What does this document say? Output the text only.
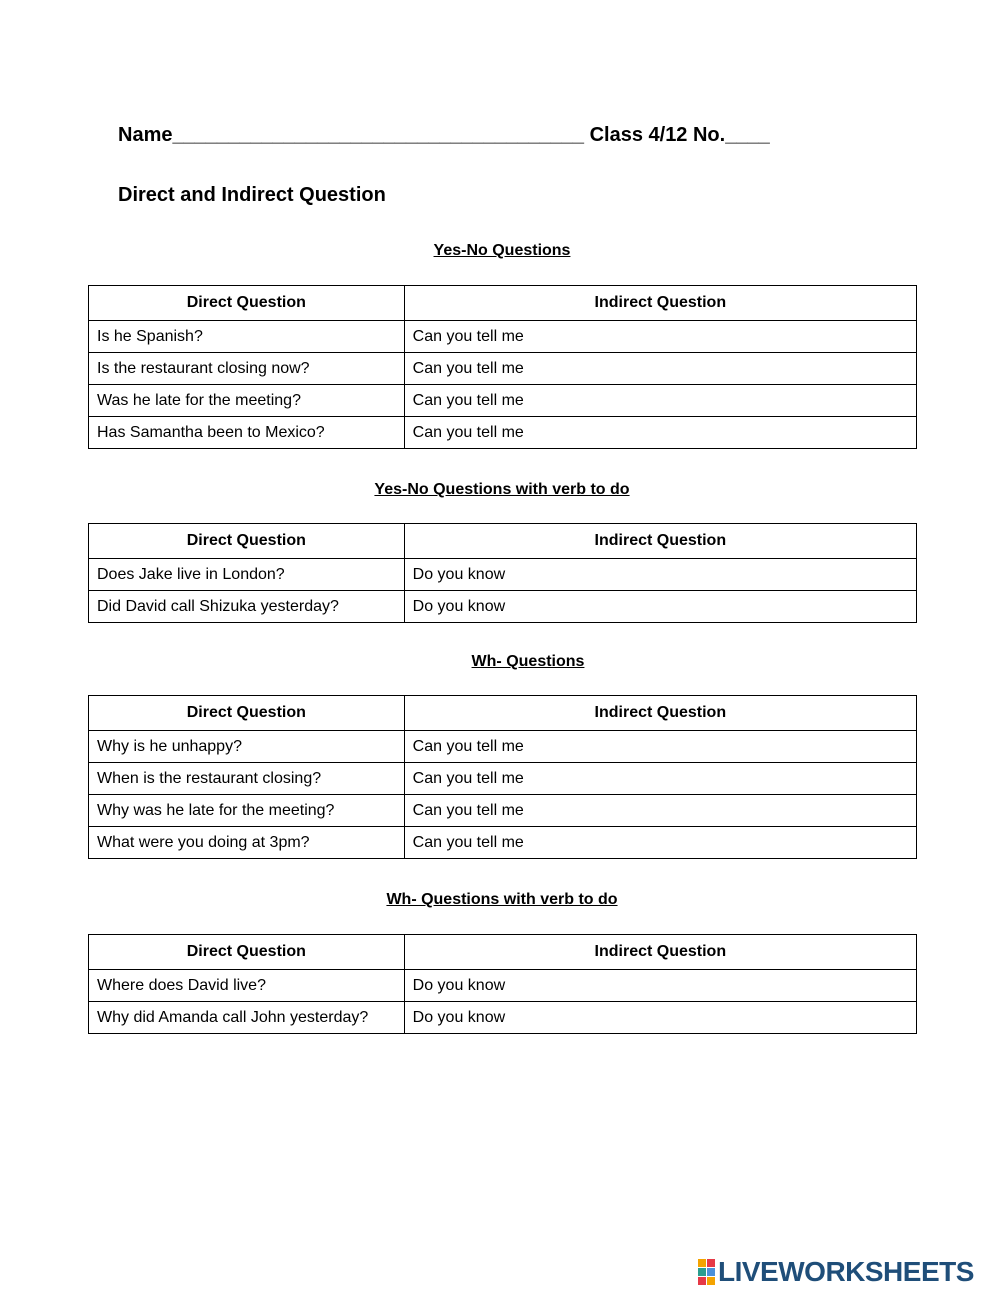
Name_____________________________________ Class 4/12 No.____
Direct and Indirect Question
Yes-No Questions
Direct Question	Indirect Question
Is he Spanish?	Can you tell me
Is the restaurant closing now?	Can you tell me
Was he late for the meeting?	Can you tell me
Has Samantha been to Mexico?	Can you tell me
Yes-No Questions with verb to do
Direct Question	Indirect Question
Does Jake live in London?	Do you know
Did David call Shizuka yesterday?	Do you know
Wh- Questions
Direct Question	Indirect Question
Why is he unhappy?	Can you tell me
When is the restaurant closing?	Can you tell me
Why was he late for the meeting?	Can you tell me
What were you doing at 3pm?	Can you tell me
Wh- Questions with verb to do
Direct Question	Indirect Question
Where does David live?	Do you know
Why did Amanda call John yesterday?	Do you know
LIVEWORKSHEETS
